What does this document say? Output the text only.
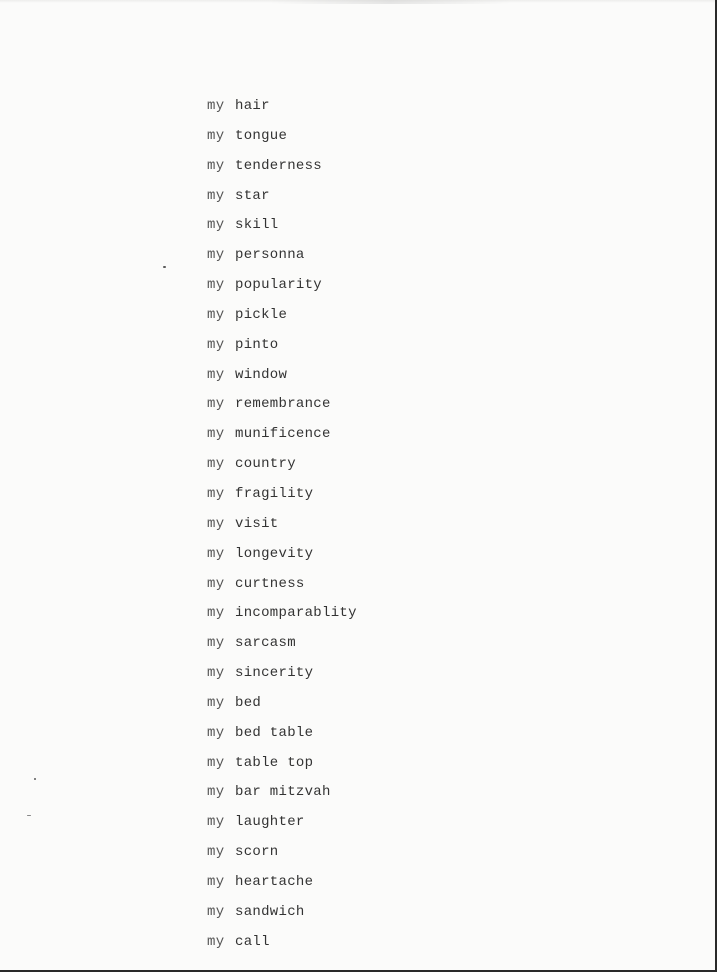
my hair
my tongue
my tenderness
my star
my skill
my personna
my popularity
my pickle
my pinto
my window
my remembrance
my munificence
my country
my fragility
my visit
my longevity
my curtness
my incomparablity
my sarcasm
my sincerity
my bed
my bed table
my table top
my bar mitzvah
my laughter
my scorn
my heartache
my sandwich
my call
